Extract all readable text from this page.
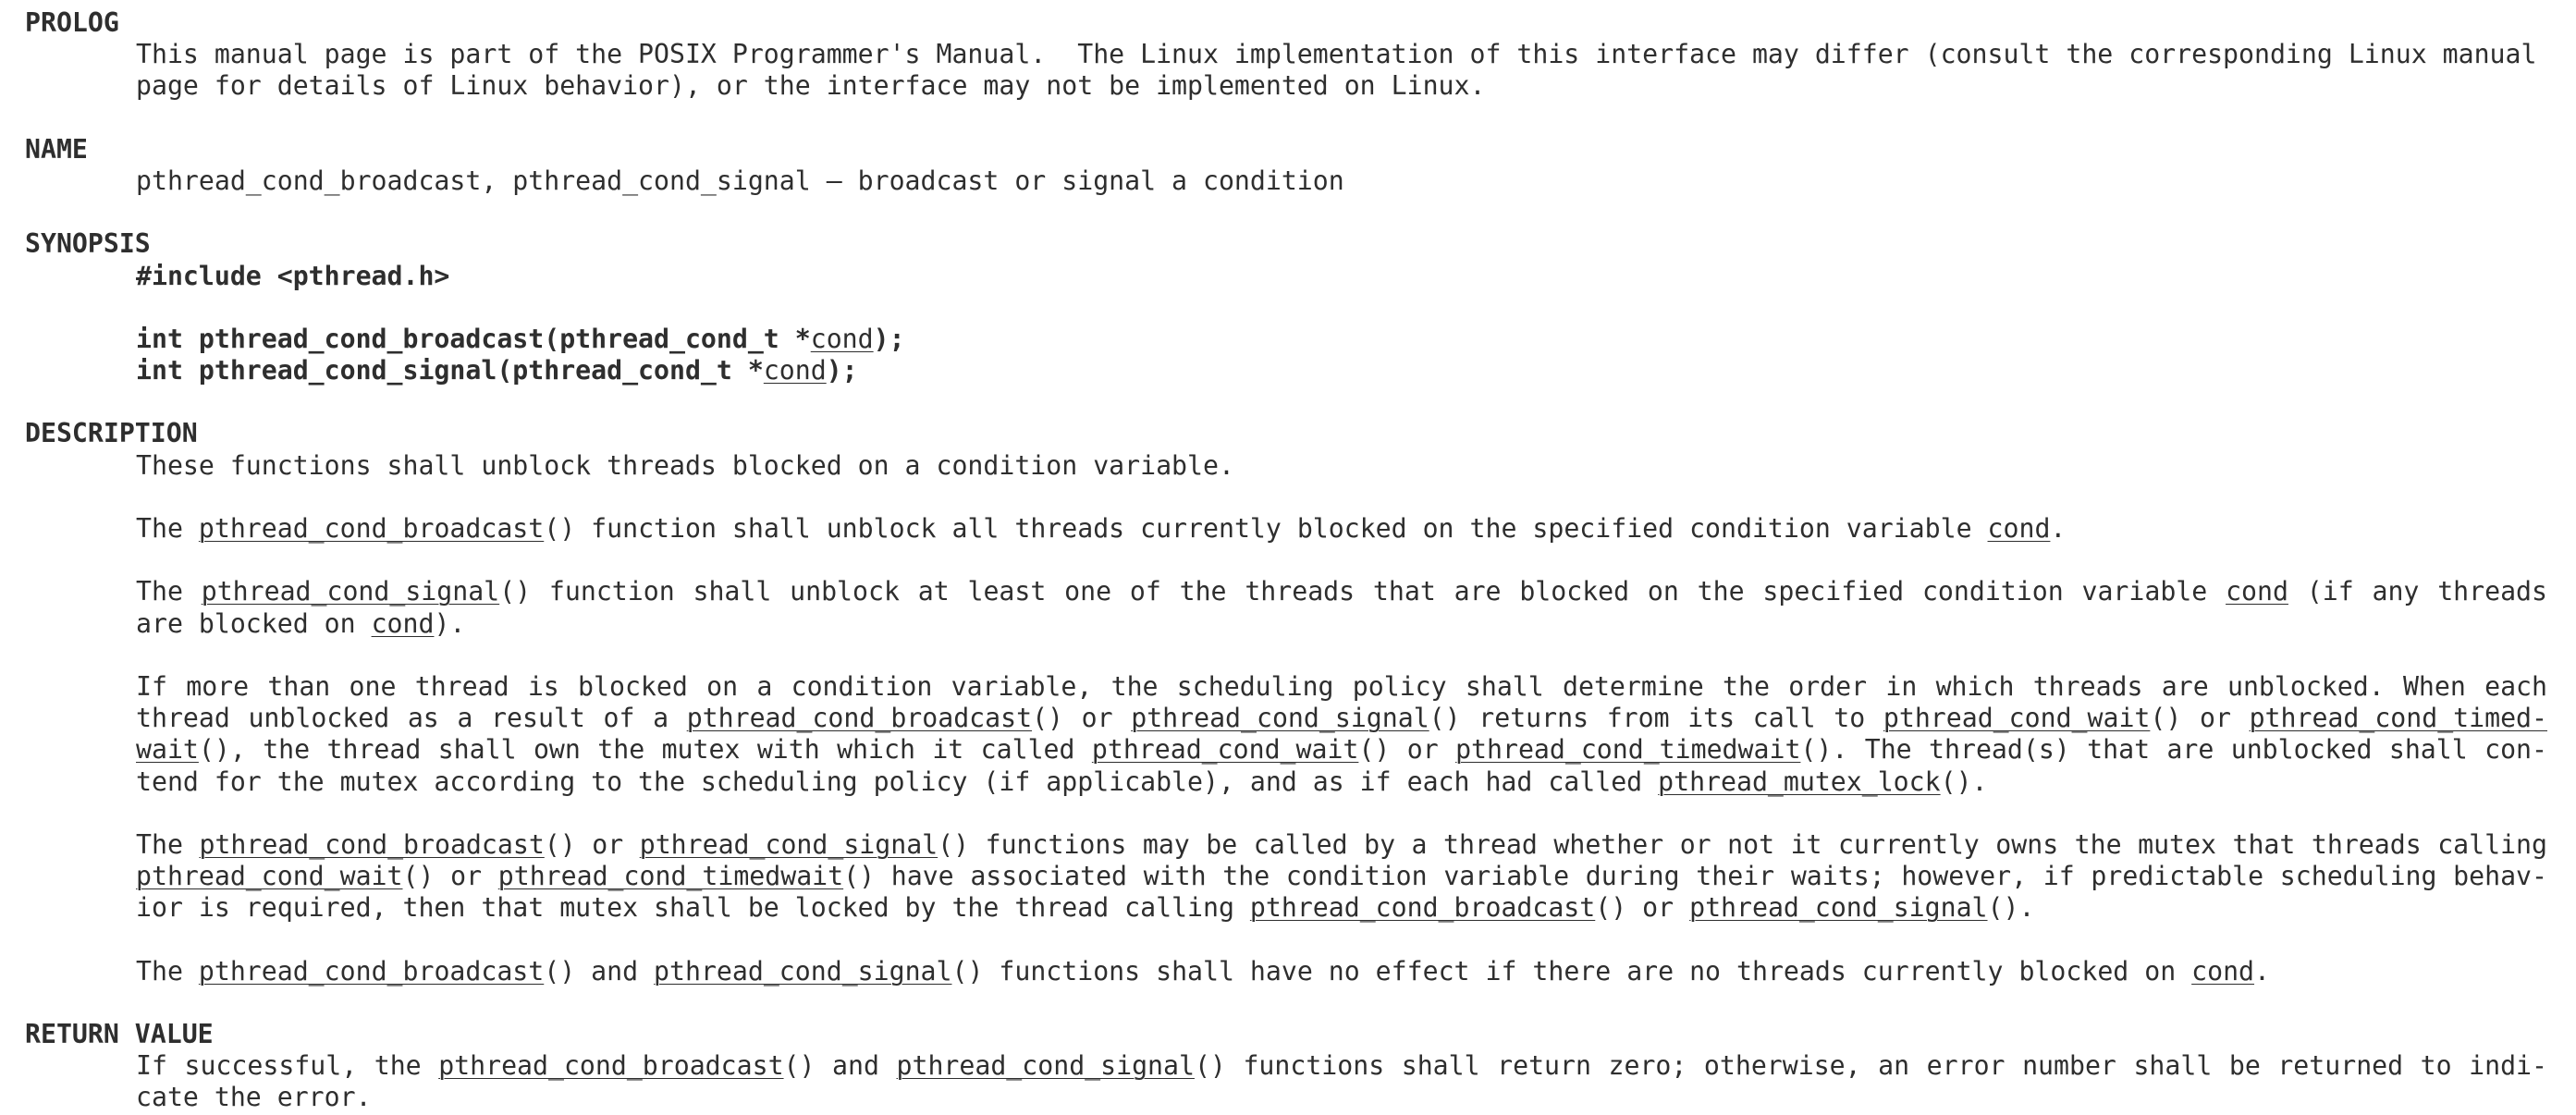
PROLOG
This manual page is part of the POSIX Programmer's Manual.  The Linux implementation of this interface may differ (consult the corresponding Linux manual
page for details of Linux behavior), or the interface may not be implemented on Linux.
NAME
pthread_cond_broadcast, pthread_cond_signal — broadcast or signal a condition
SYNOPSIS
#include <pthread.h>
int pthread_cond_broadcast(pthread_cond_t *cond);
int pthread_cond_signal(pthread_cond_t *cond);
DESCRIPTION
These functions shall unblock threads blocked on a condition variable.
The pthread_cond_broadcast() function shall unblock all threads currently blocked on the specified condition variable cond.
The pthread_cond_signal() function shall unblock at least one of the threads that are blocked on the specified condition variable cond (if any threads
are blocked on cond).
If more than one thread is blocked on a condition variable, the scheduling policy shall determine the order in which threads are unblocked. When each
thread unblocked as a result of a pthread_cond_broadcast() or pthread_cond_signal() returns from its call to pthread_cond_wait() or pthread_cond_timed-
wait(), the thread shall own the mutex with which it called pthread_cond_wait() or pthread_cond_timedwait(). The thread(s) that are unblocked shall con-
tend for the mutex according to the scheduling policy (if applicable), and as if each had called pthread_mutex_lock().
The pthread_cond_broadcast() or pthread_cond_signal() functions may be called by a thread whether or not it currently owns the mutex that threads calling
pthread_cond_wait() or pthread_cond_timedwait() have associated with the condition variable during their waits; however, if predictable scheduling behav-
ior is required, then that mutex shall be locked by the thread calling pthread_cond_broadcast() or pthread_cond_signal().
The pthread_cond_broadcast() and pthread_cond_signal() functions shall have no effect if there are no threads currently blocked on cond.
RETURN VALUE
If successful, the pthread_cond_broadcast() and pthread_cond_signal() functions shall return zero; otherwise, an error number shall be returned to indi-
cate the error.
